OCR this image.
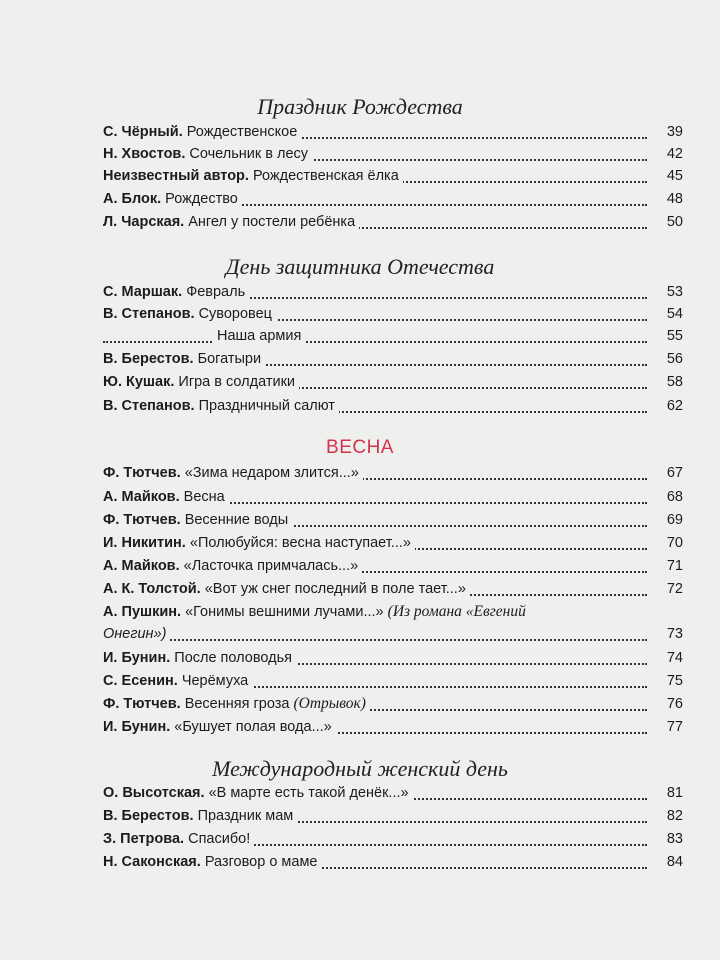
Праздник Рождества
С. Чёрный. Рождественское	39
Н. Хвостов. Сочельник в лесу	42
Неизвестный автор. Рождественская ёлка	45
А. Блок. Рождество	48
Л. Чарская. Ангел у постели ребёнка	50
День защитника Отечества
С. Маршак. Февраль	53
В. Степанов. Суворовец	54
Наша армия	55
В. Берестов. Богатыри	56
Ю. Кушак. Игра в солдатики	58
В. Степанов. Праздничный салют	62
ВЕСНА
Ф. Тютчев. «Зима недаром злится...»	67
А. Майков. Весна	68
Ф. Тютчев. Весенние воды	69
И. Никитин. «Полюбуйся: весна наступает...»	70
А. Майков. «Ласточка примчалась...»	71
А. К. Толстой. «Вот уж снег последний в поле тает...»	72
А. Пушкин. «Гонимы вешними лучами...» (Из романа «Евгений
Онегин»)	73
И. Бунин. После половодья	74
С. Есенин. Черёмуха	75
Ф. Тютчев. Весенняя гроза (Отрывок)	76
И. Бунин. «Бушует полая вода...»	77
Международный женский день
О. Высотская. «В марте есть такой денёк...»	81
В. Берестов. Праздник мам	82
З. Петрова. Спасибо!	83
Н. Саконская. Разговор о маме	84
